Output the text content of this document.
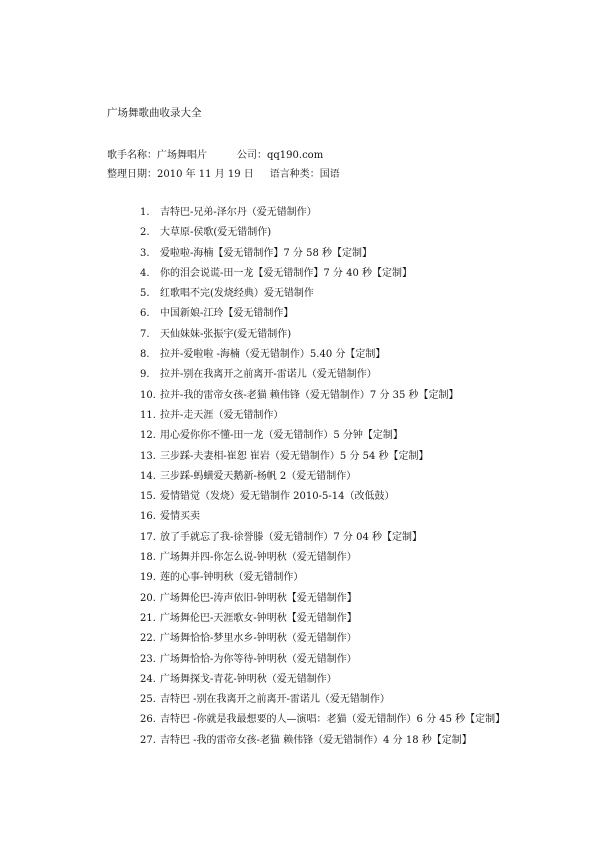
广场舞歌曲收录大全
歌手名称：广场舞唱片	公司：qq190.com
整理日期：2010 年 11 月 19 日 语言种类：国语
1.	吉特巴-兄弟-泽尔丹（爱无错制作）
2.	大草原-侯歌(爱无错制作)
3.	爱啦啦-海楠【爱无错制作】7 分 58 秒【定制】
4.	你的泪会说谎-田一龙【爱无错制作】7 分 40 秒【定制】
5.	红歌唱不完(发烧经典）爱无错制作
6.	中国新娘-江玲【爱无错制作】
7.	天仙妹妹-张振宇(爱无错制作)
8.	拉并-爱啦啦 -海楠（爱无错制作）5.40 分【定制】
9.	拉并-别在我离开之前离开-雷诺儿（爱无错制作）
10. 拉并-我的雷帝女孩-老猫 赖伟锋（爱无错制作）7 分 35 秒【定制】
11. 拉并-走天涯（爱无错制作）
12. 用心爱你你不懂-田一龙（爱无错制作）5 分钟【定制】
13. 三步踩-夫妻相-崔恕 崔岩（爱无错制作）5 分 54 秒【定制】
14. 三步踩-蚂蟥爱天鹅新-杨帆 2（爱无错制作）
15. 爱情错觉（发烧）爱无错制作 2010-5-14（改低鼓）
16. 爱情买卖
17. 放了手就忘了我-徐誉滕（爱无错制作）7 分 04 秒【定制】
18. 广场舞并四-你怎么说-钟明秋（爱无错制作）
19. 莲的心事-钟明秋（爱无错制作）
20. 广场舞伦巴-涛声依旧-钟明秋【爱无错制作】
21. 广场舞伦巴-天涯歌女-钟明秋【爱无错制作】
22. 广场舞恰恰-梦里水乡-钟明秋（爱无错制作）
23. 广场舞恰恰-为你等待-钟明秋（爱无错制作）
24. 广场舞探戈-青花-钟明秋（爱无错制作）
25. 吉特巴 -别在我离开之前离开-雷诺儿（爱无错制作）
26. 吉特巴 -你就是我最想要的人—演唱：老猫（爱无错制作）6 分 45 秒【定制】
27. 吉特巴 -我的雷帝女孩-老猫 赖伟锋（爱无错制作）4 分 18 秒【定制】
